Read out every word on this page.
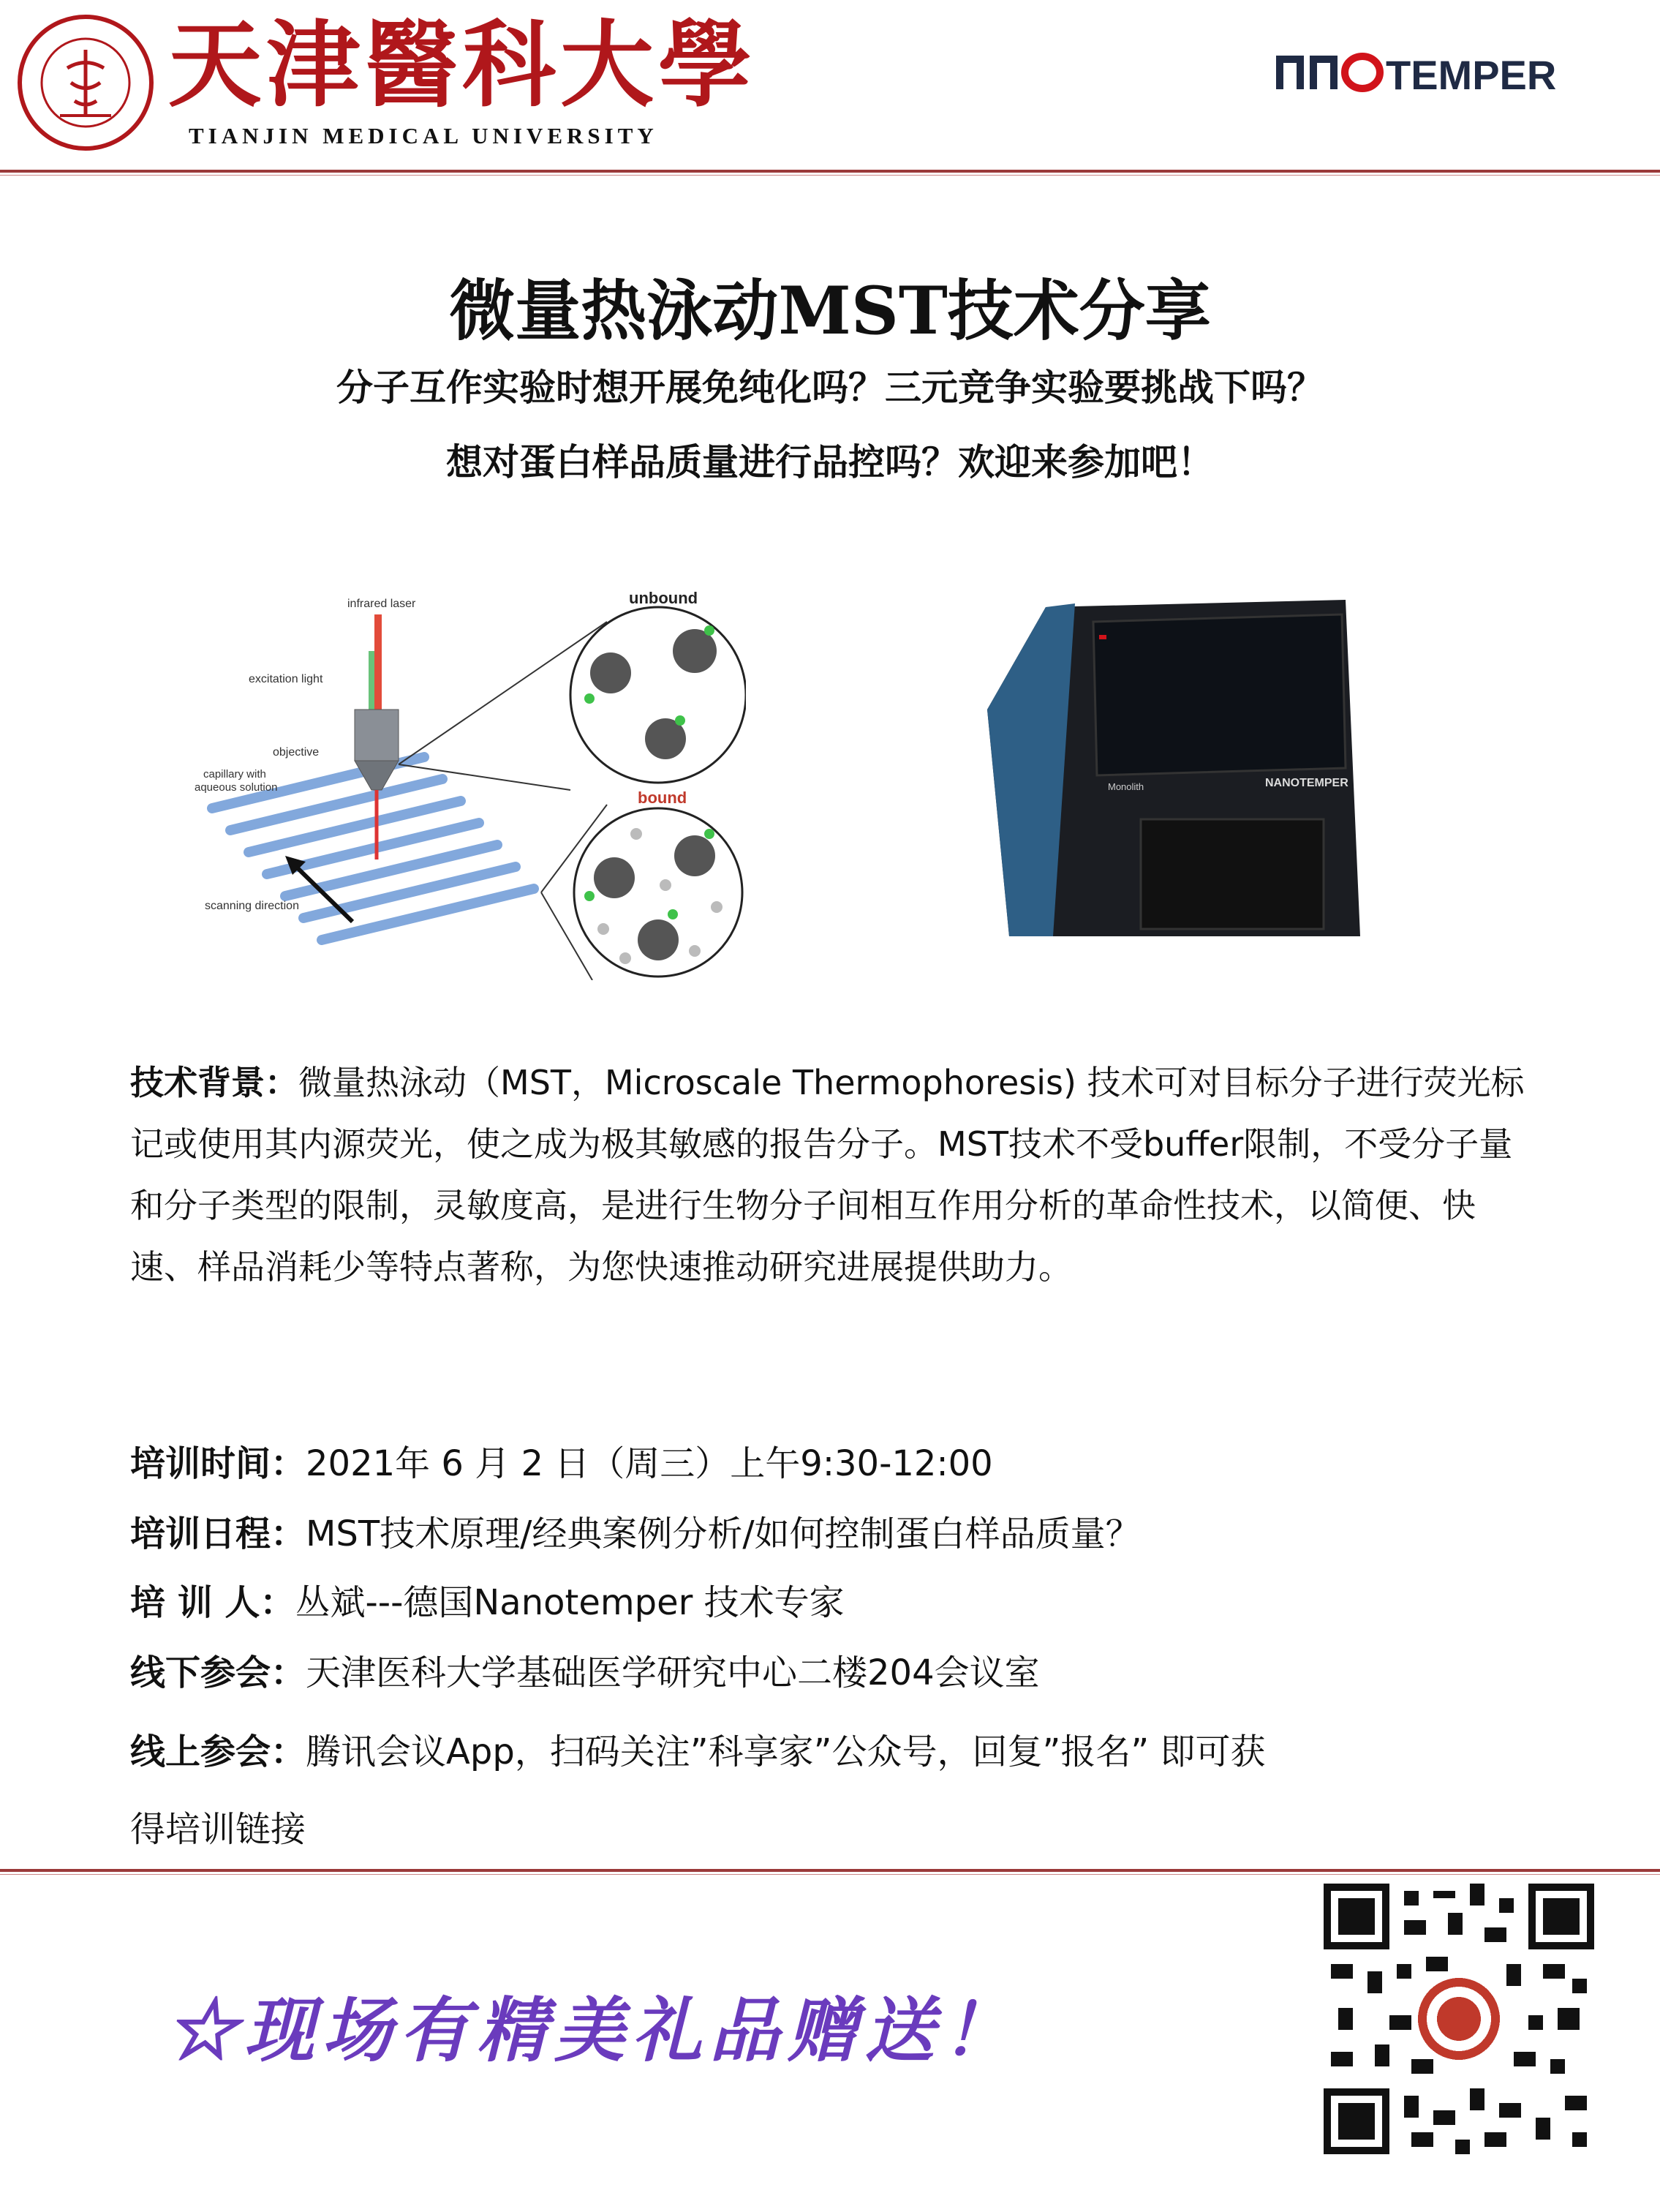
天津醫科大學
TIANJIN MEDICAL UNIVERSITY
TEMPER
微量热泳动MST技术分享
分子互作实验时想开展免纯化吗？三元竞争实验要挑战下吗？
想对蛋白样品质量进行品控吗？欢迎来参加吧！
infrared laser
excitation light
objective
capillary with
aqueous solution
scanning direction
unbound
bound
Monolith	NANOTEMPER
技术背景：微量热泳动（MST，Microscale Thermophoresis) 技术可对目标分子进行荧光标记或使用其内源荧光，使之成为极其敏感的报告分子。MST技术不受buffer限制，不受分子量和分子类型的限制，灵敏度高，是进行生物分子间相互作用分析的革命性技术，以简便、快速、样品消耗少等特点著称，为您快速推动研究进展提供助力。
培训时间：2021年 6 月 2 日（周三）上午9:30-12:00
培训日程：MST技术原理/经典案例分析/如何控制蛋白样品质量？
培 训 人：丛斌---德国Nanotemper 技术专家
线下参会：天津医科大学基础医学研究中心二楼204会议室
线上参会：腾讯会议App，扫码关注”科享家”公众号，回复”报名” 即可获
得培训链接
☆现场有精美礼品赠送！
